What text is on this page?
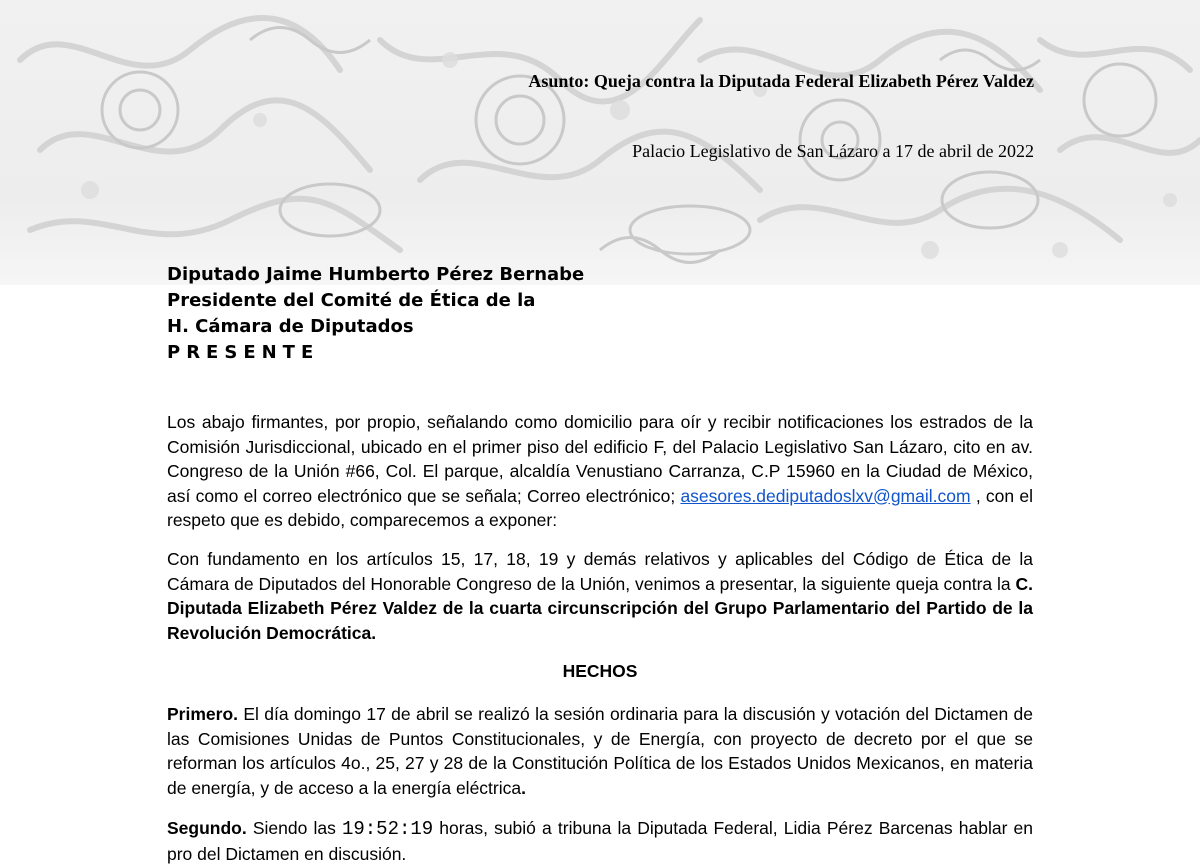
Asunto: Queja contra la Diputada Federal Elizabeth Pérez Valdez
Palacio Legislativo de San Lázaro a 17 de abril de 2022
Diputado Jaime Humberto Pérez Bernabe
Presidente del Comité de Ética de la
H. Cámara de Diputados
PRESENTE
Los abajo firmantes, por propio, señalando como domicilio para oír y recibir notificaciones los estrados de la Comisión Jurisdiccional, ubicado en el primer piso del edificio F, del Palacio Legislativo San Lázaro, cito en av. Congreso de la Unión #66, Col. El parque, alcaldía Venustiano Carranza, C.P 15960 en la Ciudad de México, así como el correo electrónico que se señala; Correo electrónico; asesores.dediputadoslxv@gmail.com , con el respeto que es debido, comparecemos a exponer:
Con fundamento en los artículos 15, 17, 18, 19 y demás relativos y aplicables del Código de Ética de la Cámara de Diputados del Honorable Congreso de la Unión, venimos a presentar, la siguiente queja contra la C. Diputada Elizabeth Pérez Valdez de la cuarta circunscripción del Grupo Parlamentario del Partido de la Revolución Democrática.
HECHOS
Primero. El día domingo 17 de abril se realizó la sesión ordinaria para la discusión y votación del Dictamen de las Comisiones Unidas de Puntos Constitucionales, y de Energía, con proyecto de decreto por el que se reforman los artículos 4o., 25, 27 y 28 de la Constitución Política de los Estados Unidos Mexicanos, en materia de energía, y de acceso a la energía eléctrica.
Segundo. Siendo las 19:52:19 horas, subió a tribuna la Diputada Federal, Lidia Pérez Barcenas hablar en pro del Dictamen en discusión.
